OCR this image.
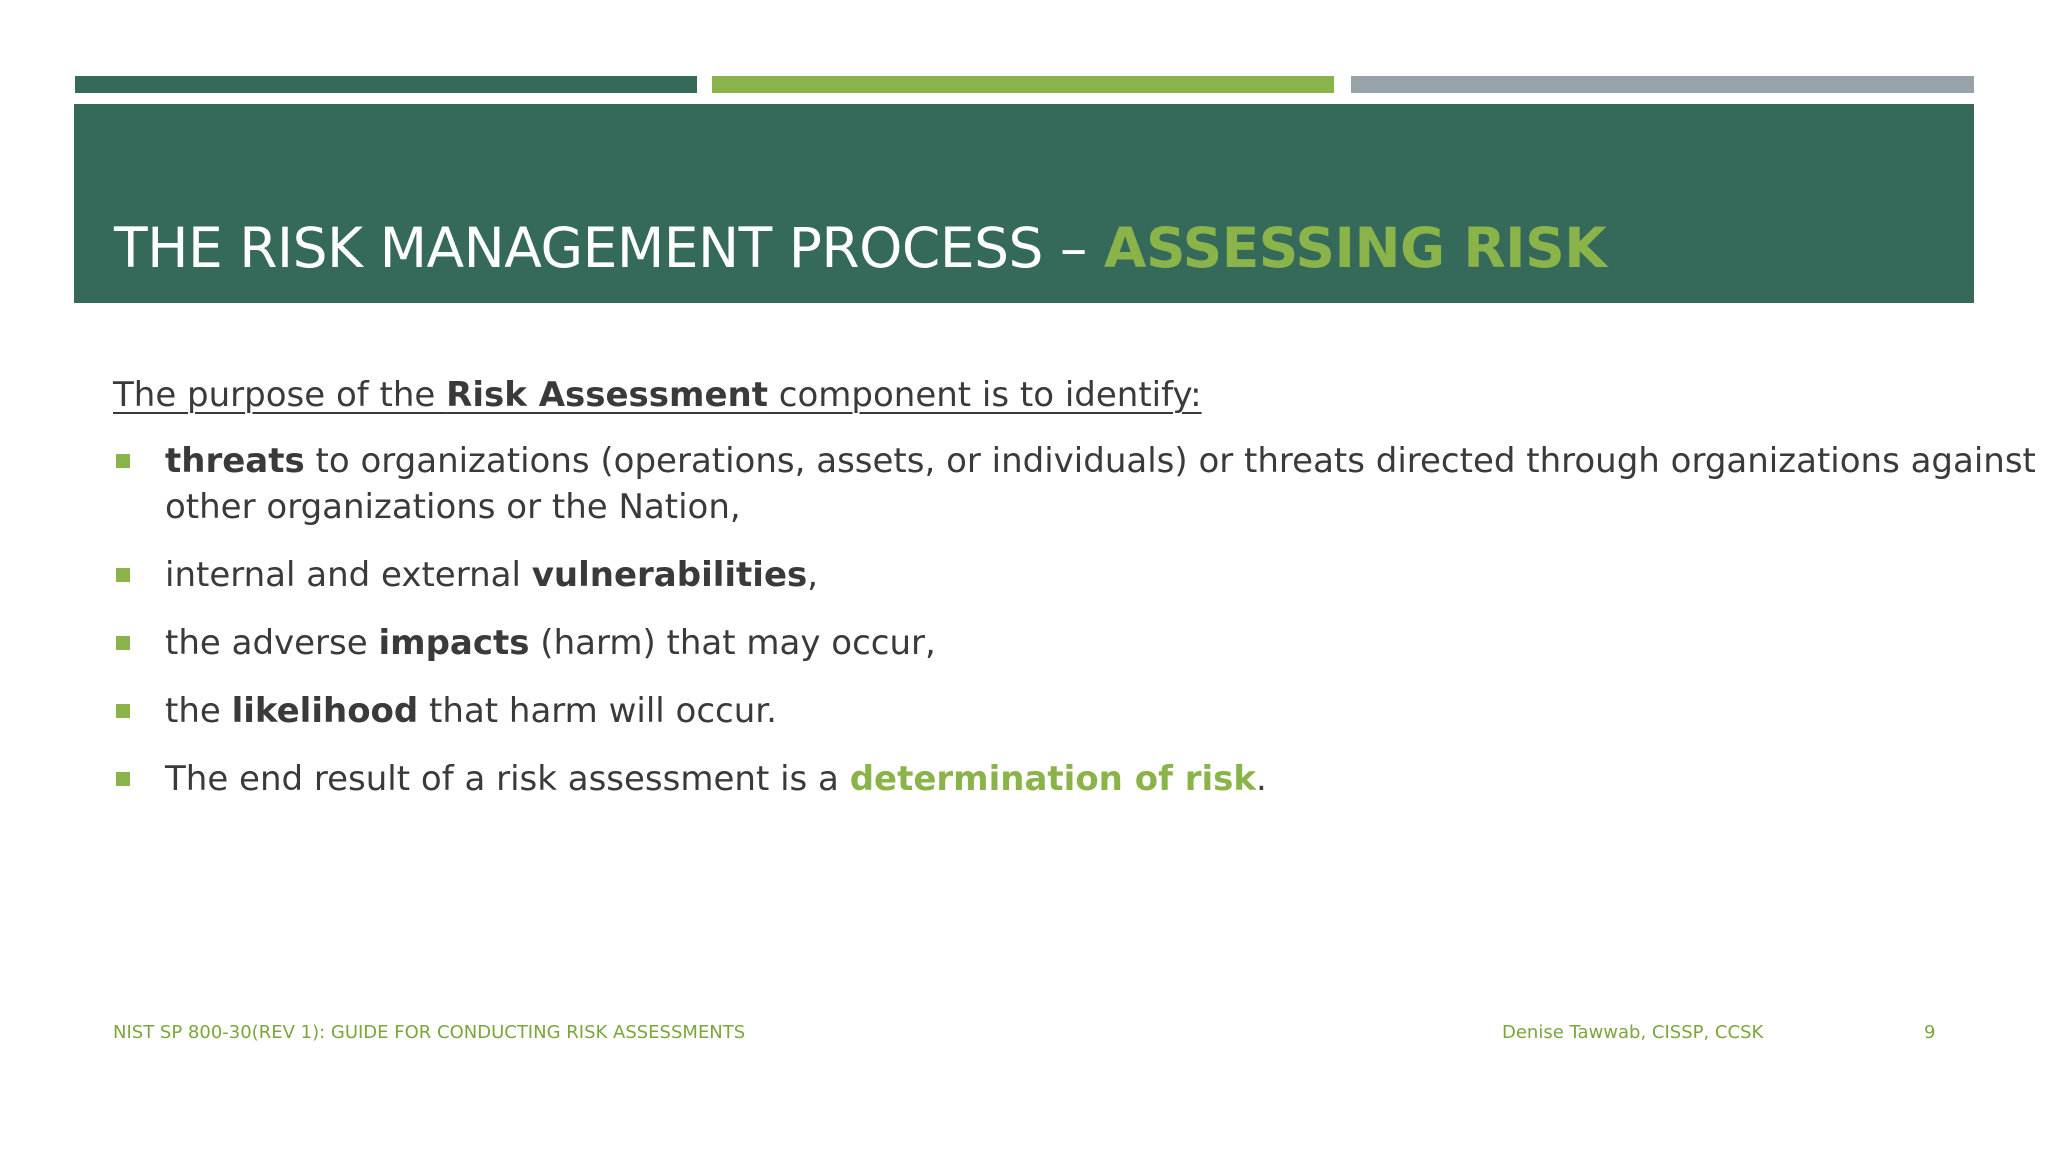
THE RISK MANAGEMENT PROCESS – ASSESSING RISK
The purpose of the Risk Assessment component is to identify:
threats to organizations (operations, assets, or individuals) or threats directed through organizations against
other organizations or the Nation,
internal and external vulnerabilities,
the adverse impacts (harm) that may occur,
the likelihood that harm will occur.
The end result of a risk assessment is a determination of risk.
NIST SP 800-30(REV 1): GUIDE FOR CONDUCTING RISK ASSESSMENTS	Denise Tawwab, CISSP, CCSK	9
